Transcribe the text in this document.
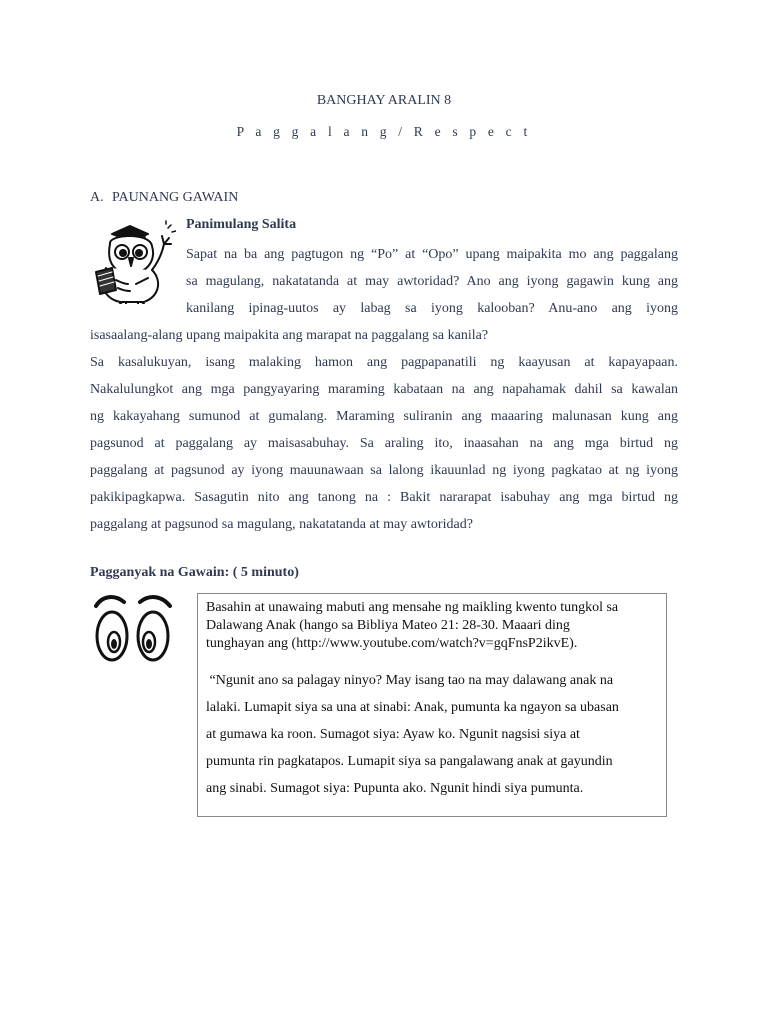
BANGHAY ARALIN 8
P a g g a l a n g / R e s p e c t
A. PAUNANG GAWAIN
Panimulang Salita
Sapat na ba ang pagtugon ng “Po” at “Opo” upang maipakita mo ang paggalang
sa magulang, nakatatanda at may awtoridad? Ano ang iyong gagawin kung ang
kanilang ipinag-uutos ay labag sa iyong kalooban? Anu-ano ang iyong
isasaalang-alang upang maipakita ang marapat na paggalang sa kanila?
Sa kasalukuyan, isang malaking hamon ang pagpapanatili ng kaayusan at kapayapaan.
Nakalulungkot ang mga pangyayaring maraming kabataan na ang napahamak dahil sa kawalan
ng kakayahang sumunod at gumalang. Maraming suliranin ang maaaring malunasan kung ang
pagsunod at paggalang ay maisasabuhay. Sa araling ito, inaasahan na ang mga birtud ng
paggalang at pagsunod ay iyong mauunawaan sa lalong ikauunlad ng iyong pagkatao at ng iyong
pakikipagkapwa. Sasagutin nito ang tanong na : Bakit nararapat isabuhay ang mga birtud ng
paggalang at pagsunod sa magulang, nakatatanda at may awtoridad?
Pagganyak na Gawain: ( 5 minuto)
Basahin at unawaing mabuti ang mensahe ng maikling kwento tungkol sa
Dalawang Anak (hango sa Bibliya Mateo 21: 28-30. Maaari ding
tunghayan ang (http://www.youtube.com/watch?v=gqFnsP2ikvE).
“Ngunit ano sa palagay ninyo? May isang tao na may dalawang anak na
lalaki. Lumapit siya sa una at sinabi: Anak, pumunta ka ngayon sa ubasan
at gumawa ka roon. Sumagot siya: Ayaw ko. Ngunit nagsisi siya at
pumunta rin pagkatapos. Lumapit siya sa pangalawang anak at gayundin
ang sinabi. Sumagot siya: Pupunta ako. Ngunit hindi siya pumunta.
